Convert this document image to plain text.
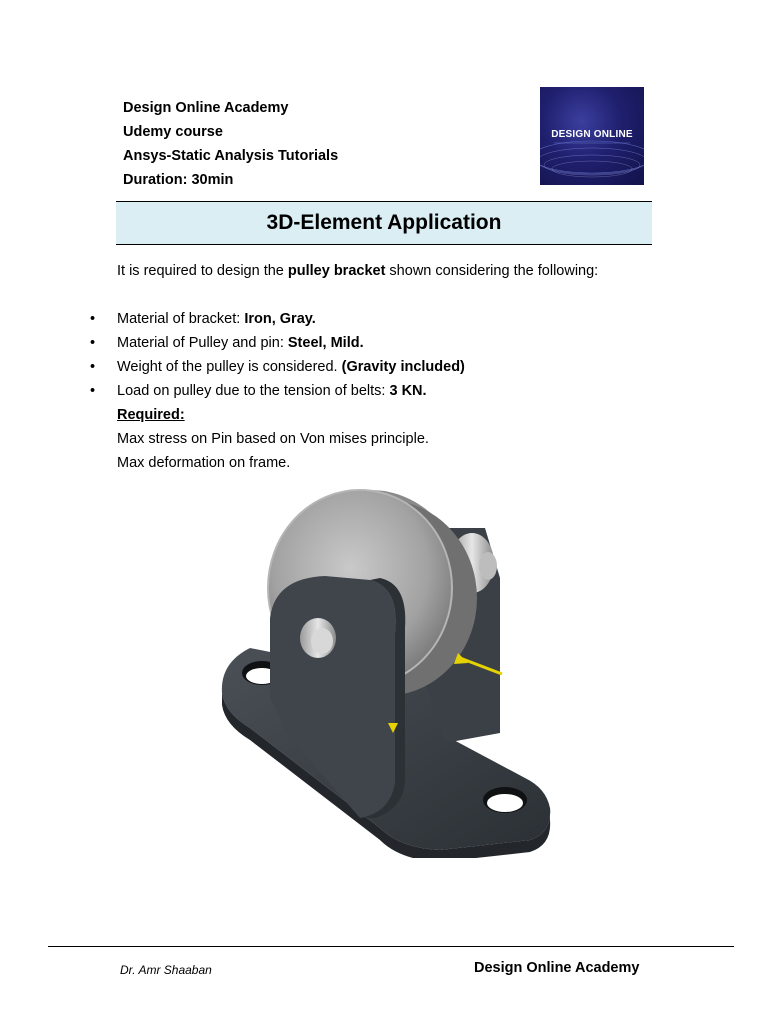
Design Online Academy
Udemy course
Ansys-Static Analysis Tutorials
Duration: 30min
DESIGN ONLINE
3D-Element Application

It is required to design the pulley bracket shown considering the following:

• Material of bracket: Iron, Gray.
• Material of Pulley and pin: Steel, Mild.
• Weight of the pulley is considered. (Gravity included)
• Load on pulley due to the tension of belts: 3 KN.
Required:
Max stress on Pin based on Von mises principle.
Max deformation on frame.
Dr. Amr Shaaban	Design Online Academy
